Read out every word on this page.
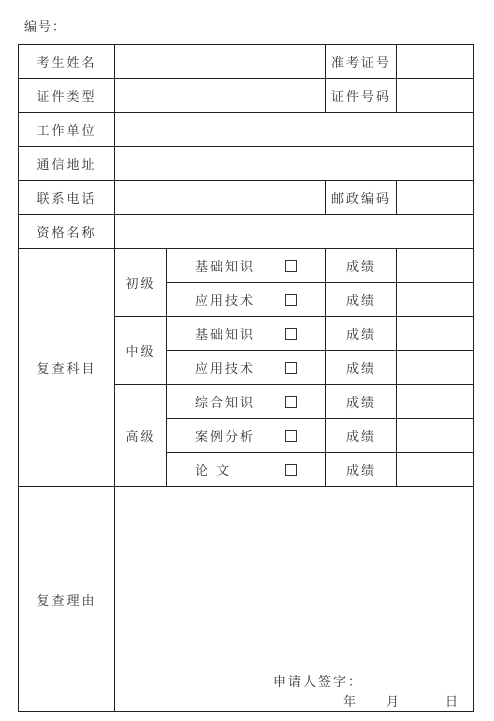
编号：
考生姓名			准考证号	
证件类型			证件号码	
工作单位				
通信地址				
联系电话			邮政编码	
资格名称				
复查科目	初级	基础知识	成绩	
		应用技术	成绩	
	中级	基础知识	成绩	
		应用技术	成绩	
	高级	综合知识	成绩	
		案例分析	成绩	
		论 文	成绩	
复查理由	申请人签字：
年 月 日			
